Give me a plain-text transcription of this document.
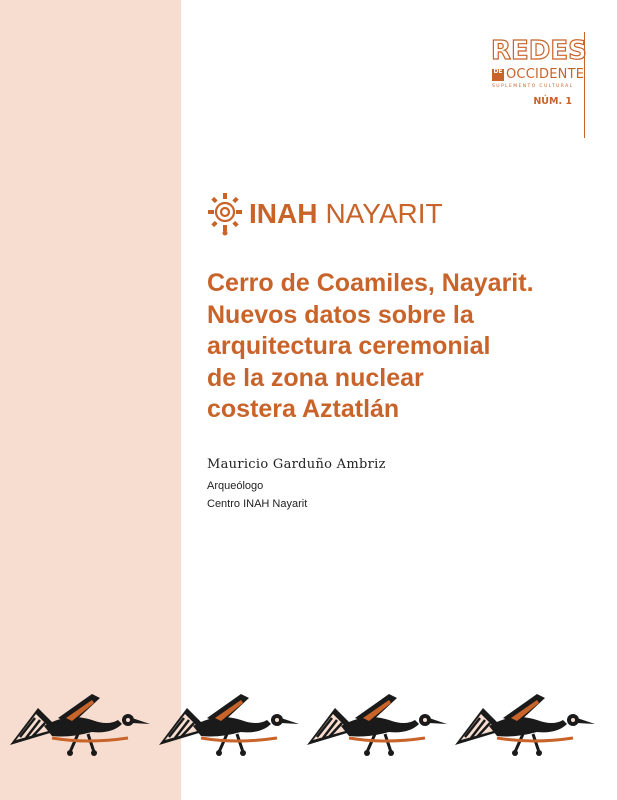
REDES
DE OCCIDENTE
SUPLEMENTO CULTURAL
NÚM. 1
INAH NAYARIT
Cerro de Coamiles, Nayarit.
Nuevos datos sobre la
arquitectura ceremonial
de la zona nuclear
costera Aztatlán
Mauricio Garduño Ambriz
Arqueólogo
Centro INAH Nayarit
